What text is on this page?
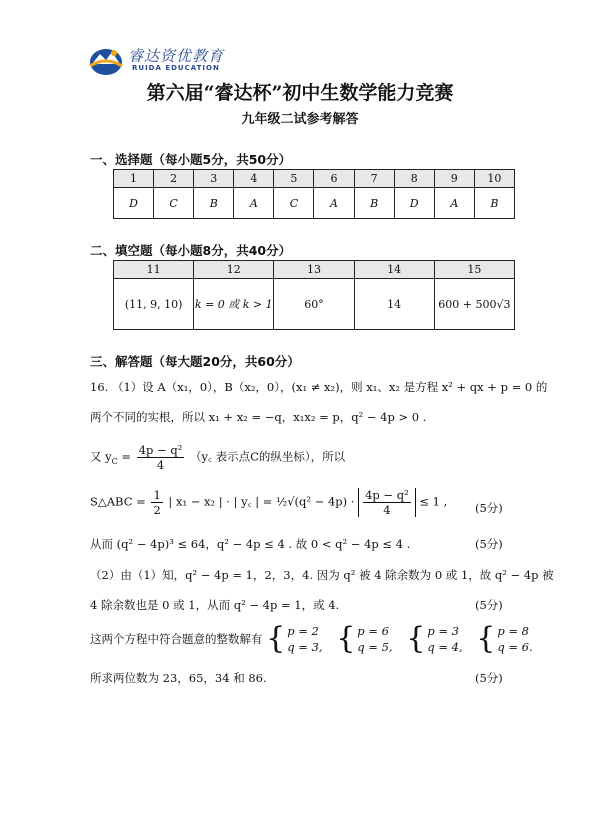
睿达资优教育
RUIDA EDUCATION
第六届“睿达杯”初中生数学能力竞赛
九年级二试参考解答
一、选择题（每小题5分，共50分）
1	2	3	4	5	6	7	8	9	10
D	C	B	A	C	A	B	D	A	B
二、填空题（每小题8分，共40分）
11	12	13	14	15
(11, 9, 10)	k = 0 或 k > 1	60°	14	600 + 500√3
三、解答题（每大题20分，共60分）
16. （1）设 A（x₁，0），B（x₂，0），(x₁ ≠ x₂)，则 x₁、x₂ 是方程 x² + qx + p = 0 的
两个不同的实根，所以 x₁ + x₂ = −q，x₁x₂ = p，q² − 4p > 0 .
又 $y_C = \frac{\text{4p − q²}}{4}$ （y꜀ 表示点C的纵坐标），所以
S△ABC = $\frac{1}{2}$ | x₁ − x₂ | · | y꜀ | = ½√(q² − $4p) \cdot \frac{\text{4p − q²}}{4} \le 1$ , (5分)
从而 (q² − 4p)³ ≤ 64，q² − 4p ≤ 4 . 故 0 < q² − 4p ≤ 4 .	(5分)
（2）由（1）知，q² − 4p = 1，2，3，4. 因为 q² 被 4 除余数为 0 或 1，故 q² − 4p 被
4 除余数也是 0 或 1，从而 q² − 4p = 1，或 4.	(5分)
这两个方程中符合题意的整数解有 { p = 2
q = 3, { p = 6
q = 5, { p = 3
q = 4, { p = 8
q = 6.
所求两位数为 23，65，34 和 86.	(5分)
